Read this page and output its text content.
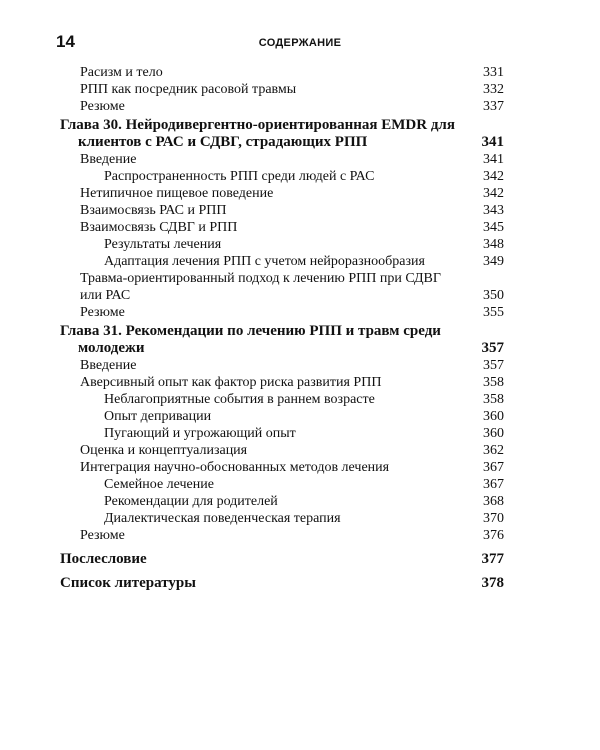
14	СОДЕРЖАНИЕ
Расизм и тело	331
РПП как посредник расовой травмы	332
Резюме	337
Глава 30. Нейродивергентно-ориентированная EMDR для клиентов с РАС и СДВГ, страдающих РПП	341
Введение	341
Распространенность РПП среди людей с РАС	342
Нетипичное пищевое поведение	342
Взаимосвязь РАС и РПП	343
Взаимосвязь СДВГ и РПП	345
Результаты лечения	348
Адаптация лечения РПП с учетом нейроразнообразия	349
Травма-ориентированный подход к лечению РПП при СДВГ или РАС	350
Резюме	355
Глава 31. Рекомендации по лечению РПП и травм среди молодежи	357
Введение	357
Аверсивный опыт как фактор риска развития РПП	358
Неблагоприятные события в раннем возрасте	358
Опыт депривации	360
Пугающий и угрожающий опыт	360
Оценка и концептуализация	362
Интеграция научно-обоснованных методов лечения	367
Семейное лечение	367
Рекомендации для родителей	368
Диалектическая поведенческая терапия	370
Резюме	376
Послесловие	377
Список литературы	378
